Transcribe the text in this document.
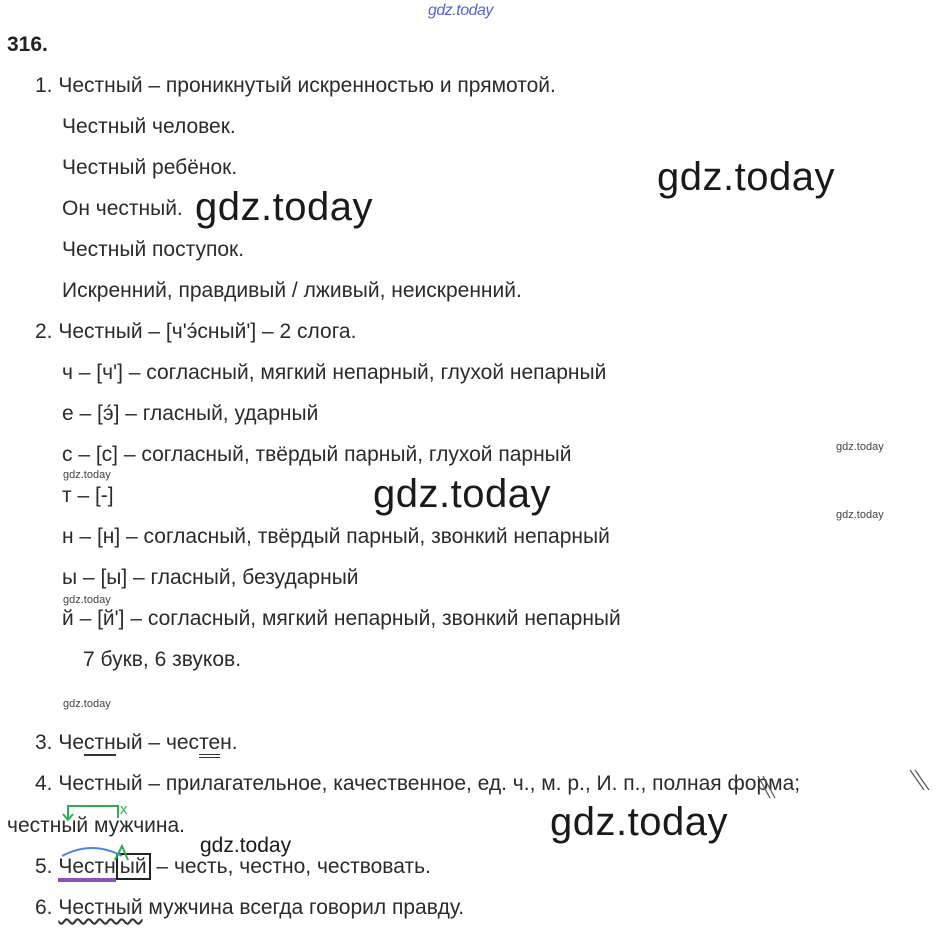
gdz.today
gdz.today
gdz.today
gdz.today
gdz.today
gdz.today
gdz.today
gdz.today
gdz.today
gdz.today
gdz.today
316.
1. Честный – проникнутый искренностью и прямотой.
Честный человек.
Честный ребёнок.
Он честный.
Честный поступок.
Искренний, правдивый / лживый, неискренний.
2. Честный – [ч'э́сный'] – 2 слога.
ч – [ч'] – согласный, мягкий непарный, глухой непарный
е – [э́] – гласный, ударный
с – [с] – согласный, твёрдый парный, глухой парный
т – [-]
н – [н] – согласный, твёрдый парный, звонкий непарный
ы – [ы] – гласный, безударный
й – [й'] – согласный, мягкий непарный, звонкий непарный
7 букв, 6 звуков.
3. Честный – честен.
4. Честный – прилагательное, качественное, ед. ч., м. р., И. п., полная форма;
честный мужчина.
х
5. Честн ый – честь, честно, чествовать.
6. Честный мужчина всегда говорил правду.
